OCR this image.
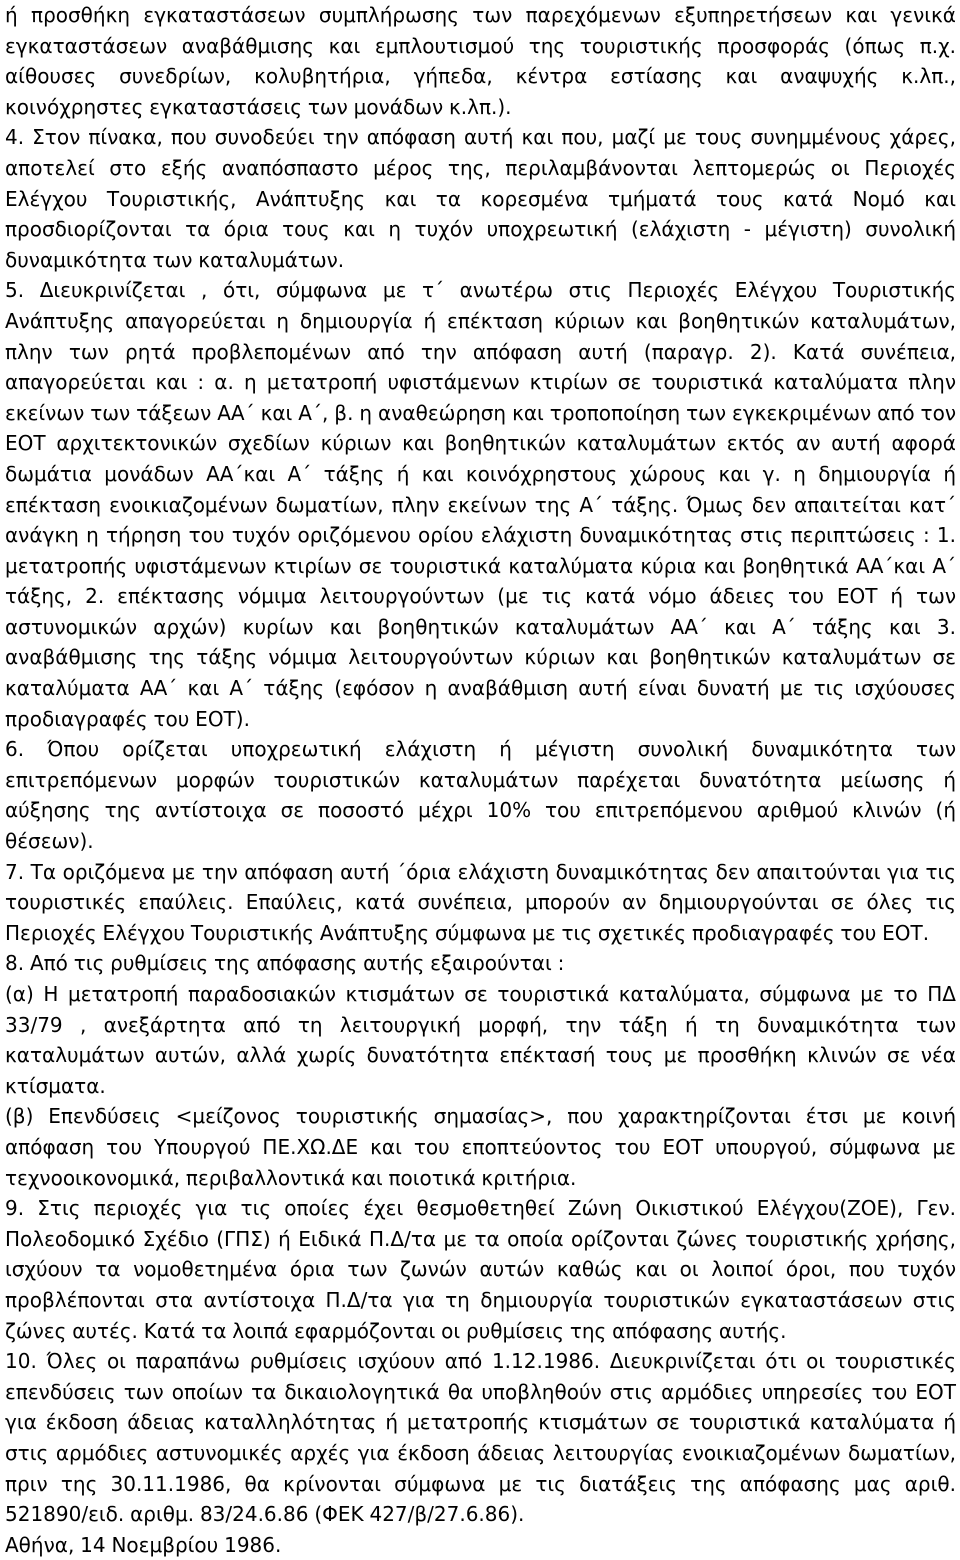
ή προσθήκη εγκαταστάσεων συμπλήρωσης των παρεχόμενων εξυπηρετήσεων και γενικά εγκαταστάσεων αναβάθμισης και εμπλουτισμού της τουριστικής προσφοράς (όπως π.χ. αίθουσες συνεδρίων, κολυβητήρια, γήπεδα, κέντρα εστίασης και αναψυχής κ.λπ., κοινόχρηστες εγκαταστάσεις των μονάδων κ.λπ.).

4. Στον πίνακα, που συνοδεύει την απόφαση αυτή και που, μαζί με τους συνημμένους χάρες, αποτελεί στο εξής αναπόσπαστο μέρος της, περιλαμβάνονται λεπτομερώς οι Περιοχές Ελέγχου Τουριστικής, Ανάπτυξης και τα κορεσμένα τμήματά τους κατά Νομό και προσδιορίζονται τα όρια τους και η τυχόν υποχρεωτική (ελάχιστη - μέγιστη) συνολική δυναμικότητα των καταλυμάτων.

5. Διευκρινίζεται , ότι, σύμφωνα με τ΄ ανωτέρω στις Περιοχές Ελέγχου Τουριστικής Ανάπτυξης απαγορεύεται η δημιουργία ή επέκταση κύριων και βοηθητικών καταλυμάτων, πλην των ρητά προβλεπομένων από την απόφαση αυτή (παραγρ. 2). Κατά συνέπεια, απαγορεύεται και : α. η μετατροπή υφιστάμενων κτιρίων σε τουριστικά καταλύματα πλην εκείνων των τάξεων ΑΑ΄ και Α΄, β. η αναθεώρηση και τροποποίηση των εγκεκριμένων από τον ΕΟΤ αρχιτεκτονικών σχεδίων κύριων και βοηθητικών καταλυμάτων εκτός αν αυτή αφορά δωμάτια μονάδων ΑΑ΄και Α΄ τάξης ή και κοινόχρηστους χώρους και γ. η δημιουργία ή επέκταση ενοικιαζομένων δωματίων, πλην εκείνων της Α΄ τάξης. Όμως δεν απαιτείται κατ΄ ανάγκη η τήρηση του τυχόν οριζόμενου ορίου ελάχιστη δυναμικότητας στις περιπτώσεις : 1. μετατροπής υφιστάμενων κτιρίων σε τουριστικά καταλύματα κύρια και βοηθητικά ΑΑ΄και Α΄ τάξης, 2. επέκτασης νόμιμα λειτουργούντων (με τις κατά νόμο άδειες του ΕΟΤ ή των αστυνομικών αρχών) κυρίων και βοηθητικών καταλυμάτων ΑΑ΄ και Α΄ τάξης και 3. αναβάθμισης της τάξης νόμιμα λειτουργούντων κύριων και βοηθητικών καταλυμάτων σε καταλύματα ΑΑ΄ και Α΄ τάξης (εφόσον η αναβάθμιση αυτή είναι δυνατή με τις ισχύουσες προδιαγραφές του ΕΟΤ).

6. Όπου ορίζεται υποχρεωτική ελάχιστη ή μέγιστη συνολική δυναμικότητα των επιτρεπόμενων μορφών τουριστικών καταλυμάτων παρέχεται δυνατότητα μείωσης ή αύξησης της αντίστοιχα σε ποσοστό μέχρι 10% του επιτρεπόμενου αριθμού κλινών (ή θέσεων).

7. Τα οριζόμενα με την απόφαση αυτή ΄όρια ελάχιστη δυναμικότητας δεν απαιτούνται για τις τουριστικές επαύλεις. Επαύλεις, κατά συνέπεια, μπορούν αν δημιουργούνται σε όλες τις Περιοχές Ελέγχου Τουριστικής Ανάπτυξης σύμφωνα με τις σχετικές προδιαγραφές του ΕΟΤ.

8. Από τις ρυθμίσεις της απόφασης αυτής εξαιρούνται :

(α) Η μετατροπή παραδοσιακών κτισμάτων σε τουριστικά καταλύματα, σύμφωνα με το ΠΔ 33/79 , ανεξάρτητα από τη λειτουργική μορφή, την τάξη ή τη δυναμικότητα των καταλυμάτων αυτών, αλλά χωρίς δυνατότητα επέκτασή τους με προσθήκη κλινών σε νέα κτίσματα.

(β) Επενδύσεις <μείζονος τουριστικής σημασίας>, που χαρακτηρίζονται έτσι με κοινή απόφαση του Υπουργού ΠΕ.ΧΩ.ΔΕ και του εποπτεύοντος του ΕΟΤ υπουργού, σύμφωνα με τεχνοοικονομικά, περιβαλλοντικά και ποιοτικά κριτήρια.

9. Στις περιοχές για τις οποίες έχει θεσμοθετηθεί Ζώνη Οικιστικού Ελέγχου(ΖΟΕ), Γεν. Πολεοδομικό Σχέδιο (ΓΠΣ) ή Ειδικά Π.Δ/τα με τα οποία ορίζονται ζώνες τουριστικής χρήσης, ισχύουν τα νομοθετημένα όρια των ζωνών αυτών καθώς και οι λοιποί όροι, που τυχόν προβλέπονται στα αντίστοιχα Π.Δ/τα για τη δημιουργία τουριστικών εγκαταστάσεων στις ζώνες αυτές. Κατά τα λοιπά εφαρμόζονται οι ρυθμίσεις της απόφασης αυτής.

10. Όλες οι παραπάνω ρυθμίσεις ισχύουν από 1.12.1986. Διευκρινίζεται ότι οι τουριστικές επενδύσεις των οποίων τα δικαιολογητικά θα υποβληθούν στις αρμόδιες υπηρεσίες του ΕΟΤ για έκδοση άδειας καταλληλότητας ή μετατροπής κτισμάτων σε τουριστικά καταλύματα ή στις αρμόδιες αστυνομικές αρχές για έκδοση άδειας λειτουργίας ενοικιαζομένων δωματίων, πριν της 30.11.1986, θα κρίνονται σύμφωνα με τις διατάξεις της απόφασης μας αριθ. 521890/ειδ. αριθμ. 83/24.6.86 (ΦΕΚ 427/β/27.6.86).

Αθήνα, 14 Νοεμβρίου 1986.
